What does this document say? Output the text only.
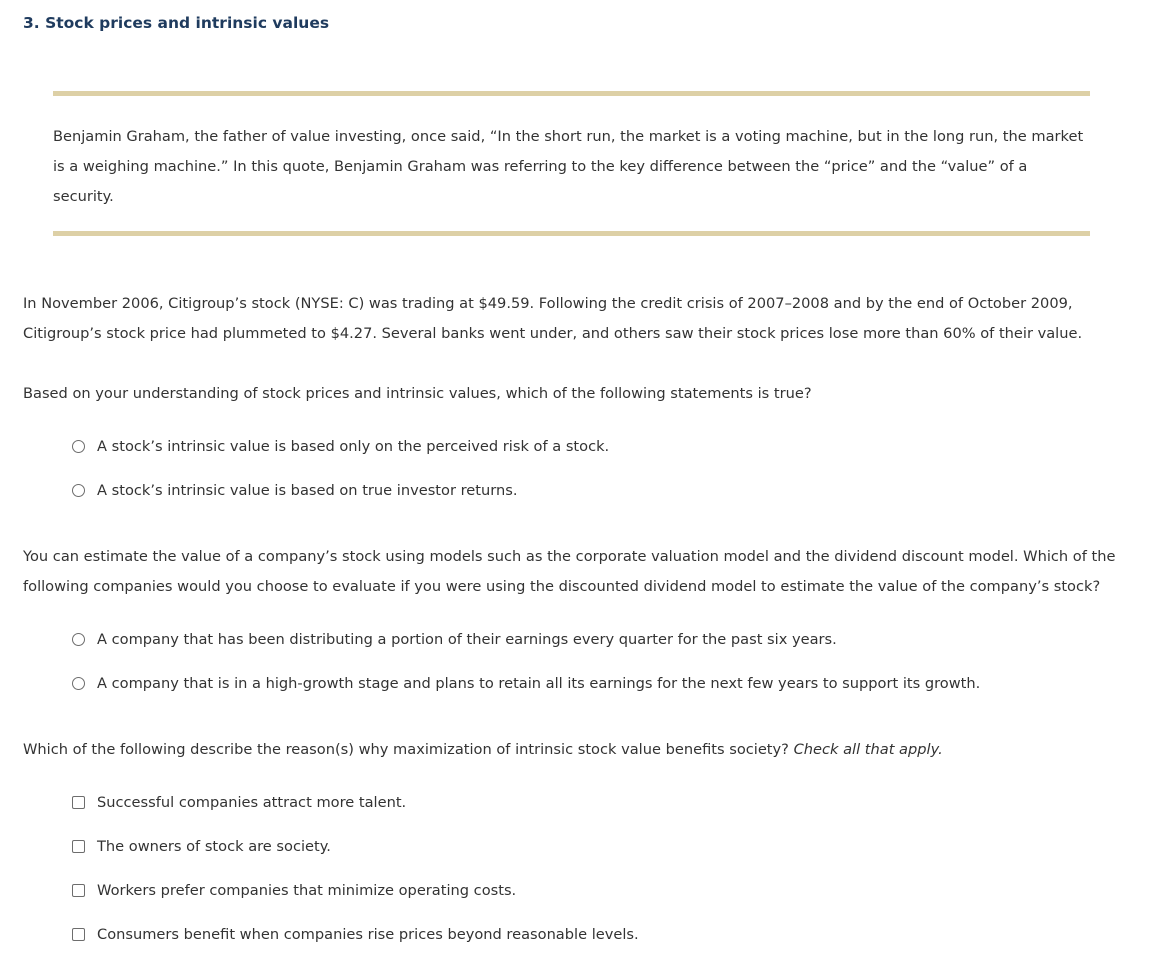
3. Stock prices and intrinsic values

Benjamin Graham, the father of value investing, once said, “In the short run, the market is a voting machine, but in the long run, the market is a weighing machine.” In this quote, Benjamin Graham was referring to the key difference between the “price” and the “value” of a security.

In November 2006, Citigroup’s stock (NYSE: C) was trading at $49.59. Following the credit crisis of 2007–2008 and by the end of October 2009, Citigroup’s stock price had plummeted to $4.27. Several banks went under, and others saw their stock prices lose more than 60% of their value.

Based on your understanding of stock prices and intrinsic values, which of the following statements is true?

A stock’s intrinsic value is based only on the perceived risk of a stock.
A stock’s intrinsic value is based on true investor returns.

You can estimate the value of a company’s stock using models such as the corporate valuation model and the dividend discount model. Which of the following companies would you choose to evaluate if you were using the discounted dividend model to estimate the value of the company’s stock?

A company that has been distributing a portion of their earnings every quarter for the past six years.
A company that is in a high-growth stage and plans to retain all its earnings for the next few years to support its growth.

Which of the following describe the reason(s) why maximization of intrinsic stock value benefits society? Check all that apply.

Successful companies attract more talent.
The owners of stock are society.
Workers prefer companies that minimize operating costs.
Consumers benefit when companies rise prices beyond reasonable levels.
